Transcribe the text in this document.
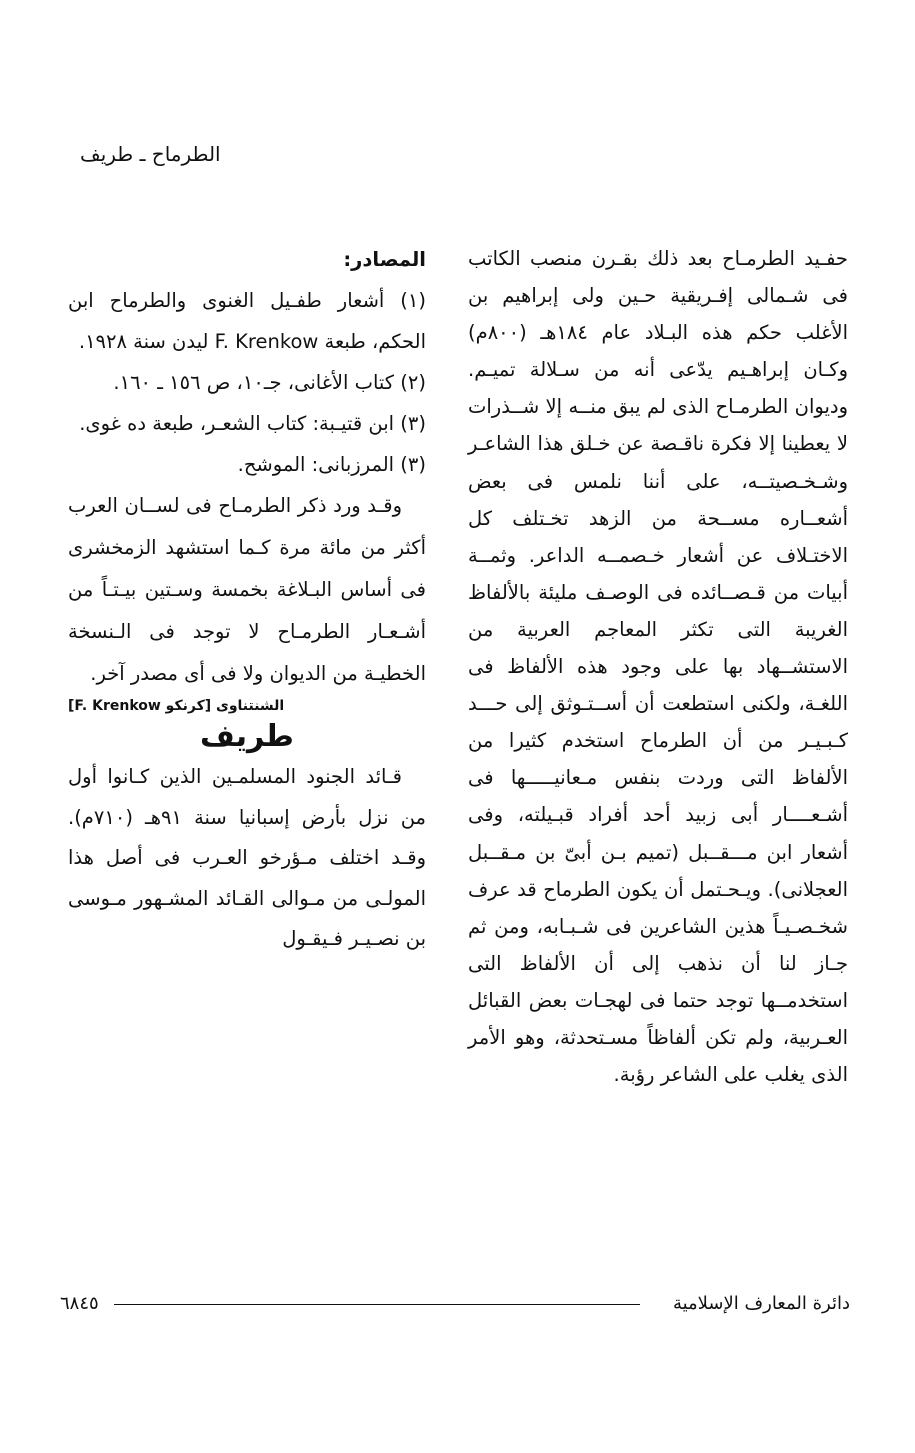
الطرماح ـ طريف

حفـيد الطرمـاح بعد ذلك بقـرن منصب الكاتب فى شـمالى إفـريقية حـين ولى إبراهيم بن الأغلب حكم هذه البـلاد عام ١٨٤هـ (٨٠٠م) وكـان إبراهـيم يدّعى أنه من سـلالة تميـم. وديوان الطرمـاح الذى لم يبق منــه إلا شــذرات لا يعطينا إلا فكرة ناقـصة عن خـلق هذا الشاعـر وشـخـصيتــه، على أننا نلمس فى بعض أشعــاره مســحة من الزهد تخـتلف كل الاختـلاف عن أشعار خـصمــه الداعر. وثمــة أبيات من قـصــائده فى الوصـف مليئة بالألفاظ الغريبة التى تكثر المعاجم العربية من الاستشــهاد بها على وجود هذه الألفاظ فى اللغـة، ولكنى استطعت أن أســتـوثق إلى حـــد كـبـيـر من أن الطرماح استخدم كثيرا من الألفاظ التى وردت بنفس مـعانيـــــها فى أشـعــــار أبى زبيد أحد أفراد قبـيلته، وفى أشعار ابن مـــقــبل (تميم بـن أبىّ بن مـقــبل العجلانى). ويـحـتمل أن يكون الطرماح قد عرف شخـصـيـاً هذين الشاعرين فى شـبـابه، ومن ثم جـاز لنا أن نذهب إلى أن الألفاظ التى استخدمــها توجد حتما فى لهجـات بعض القبائل العـربية، ولم تكن ألفاظاً مسـتحدثة، وهو الأمر الذى يغلب على الشاعر رؤبة.

المصادر:

(١) أشعار طفـيل الغنوى والطرماح ابن الحكم، طبعة F. Krenkow ليدن سنة ١٩٢٨.

(٢) كتاب الأغانى، جـ١٠، ص ١٥٦ ـ ١٦٠.

(٣) ابن قتيـبة: كتاب الشعـر، طبعة ده غوى.

(٣) المرزبانى: الموشح.

وقـد ورد ذكر الطرمـاح فى لســان العرب أكثر من مائة مرة كـما استشهد الزمخشرى فى أساس البـلاغة بخمسة وسـتين بيـتـاً من أشـعـار الطرمـاح لا توجد فى الـنسخة الخطيـة من الديوان ولا فى أى مصدر آخر.

الشنتناوى [كرنكو F. Krenkow]

طريف

قـائد الجنود المسلمـين الذين كـانوا أول من نزل بأرض إسبانيا سنة ٩١هـ (٧١٠م). وقـد اختلف مـؤرخو العـرب فى أصل هذا المولـى من مـوالى القـائد المشـهور مـوسى بن نصـيـر فـيقـول

دائرة المعارف الإسلامية
٦٨٤٥
